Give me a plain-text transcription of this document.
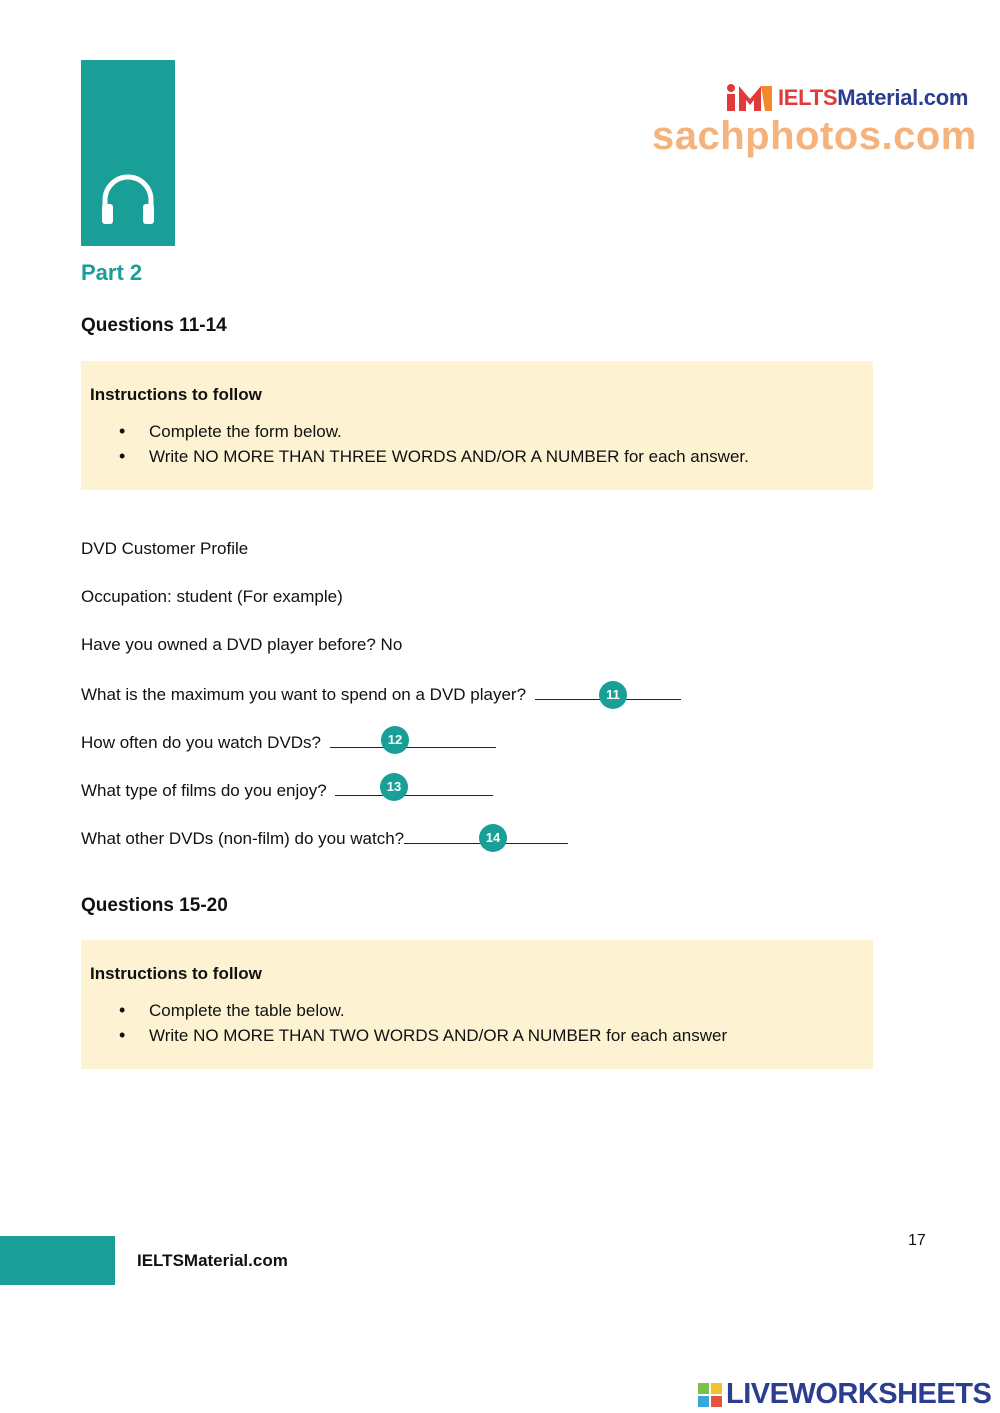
IELTSMaterial.com
sachphotos.com
Part 2
Questions 11-14
Instructions to follow
• Complete the form below.
• Write NO MORE THAN THREE WORDS AND/OR A NUMBER for each answer.
DVD Customer Profile
Occupation: student (For example)
Have you owned a DVD player before? No
What is the maximum you want to spend on a DVD player?	11
How often do you watch DVDs?	12
What type of films do you enjoy?	13
What other DVDs (non-film) do you watch?	14
Questions 15-20
Instructions to follow
• Complete the table below.
• Write NO MORE THAN TWO WORDS AND/OR A NUMBER for each answer
17
IELTSMaterial.com
LIVEWORKSHEETS
